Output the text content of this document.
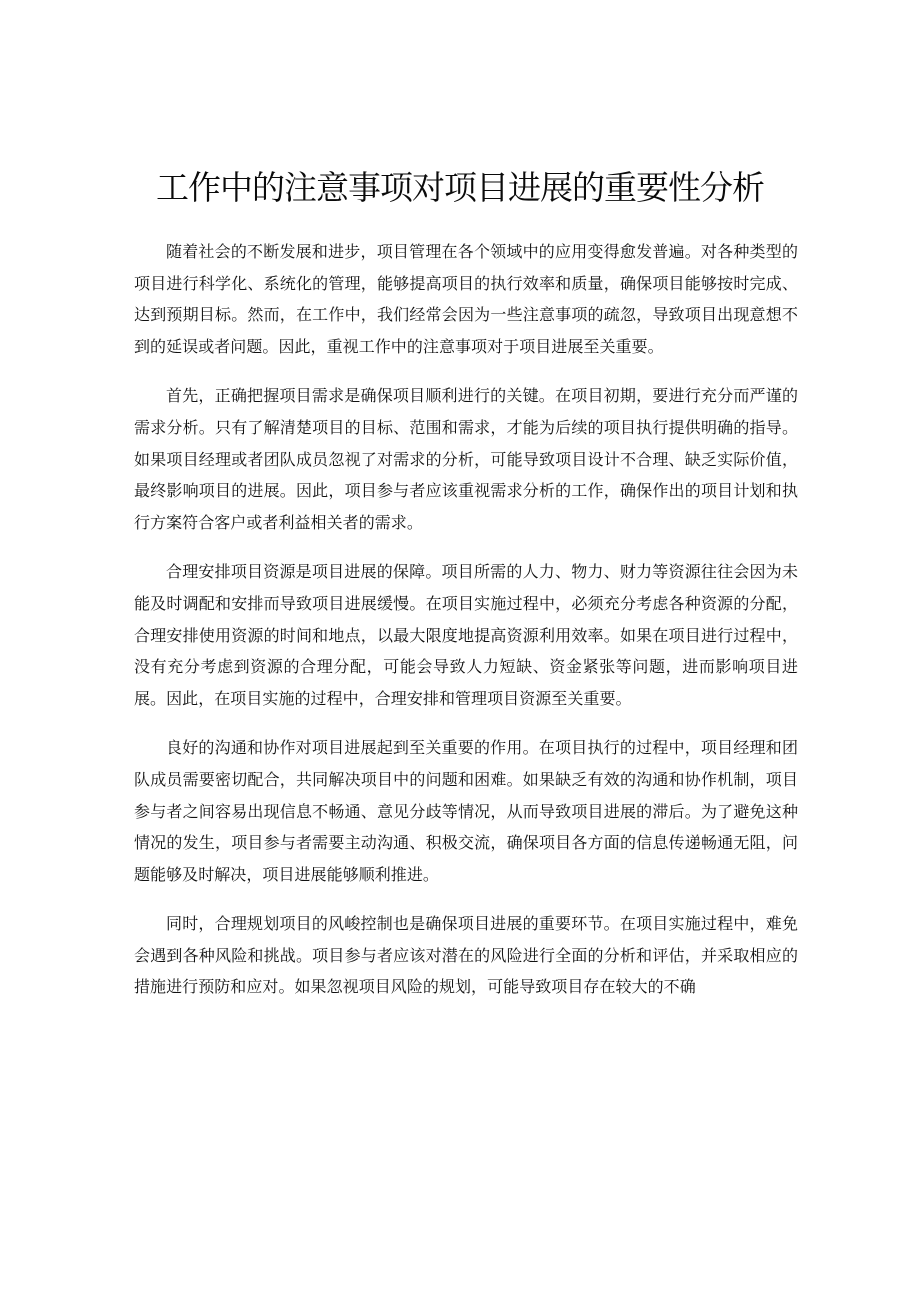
工作中的注意事项对项目进展的重要性分析

随着社会的不断发展和进步，项目管理在各个领域中的应用变得愈发普遍。对各种类型的项目进行科学化、系统化的管理，能够提高项目的执行效率和质量，确保项目能够按时完成、达到预期目标。然而，在工作中，我们经常会因为一些注意事项的疏忽，导致项目出现意想不到的延误或者问题。因此，重视工作中的注意事项对于项目进展至关重要。

首先，正确把握项目需求是确保项目顺利进行的关键。在项目初期，要进行充分而严谨的需求分析。只有了解清楚项目的目标、范围和需求，才能为后续的项目执行提供明确的指导。如果项目经理或者团队成员忽视了对需求的分析，可能导致项目设计不合理、缺乏实际价值，最终影响项目的进展。因此，项目参与者应该重视需求分析的工作，确保作出的项目计划和执行方案符合客户或者利益相关者的需求。

合理安排项目资源是项目进展的保障。项目所需的人力、物力、财力等资源往往会因为未能及时调配和安排而导致项目进展缓慢。在项目实施过程中，必须充分考虑各种资源的分配，合理安排使用资源的时间和地点，以最大限度地提高资源利用效率。如果在项目进行过程中，没有充分考虑到资源的合理分配，可能会导致人力短缺、资金紧张等问题，进而影响项目进展。因此，在项目实施的过程中，合理安排和管理项目资源至关重要。

良好的沟通和协作对项目进展起到至关重要的作用。在项目执行的过程中，项目经理和团队成员需要密切配合，共同解决项目中的问题和困难。如果缺乏有效的沟通和协作机制，项目参与者之间容易出现信息不畅通、意见分歧等情况，从而导致项目进展的滞后。为了避免这种情况的发生，项目参与者需要主动沟通、积极交流，确保项目各方面的信息传递畅通无阻，问题能够及时解决，项目进展能够顺利推进。

同时，合理规划项目的风峻控制也是确保项目进展的重要环节。在项目实施过程中，难免会遇到各种风险和挑战。项目参与者应该对潜在的风险进行全面的分析和评估，并采取相应的措施进行预防和应对。如果忽视项目风险的规划，可能导致项目存在较大的不确
